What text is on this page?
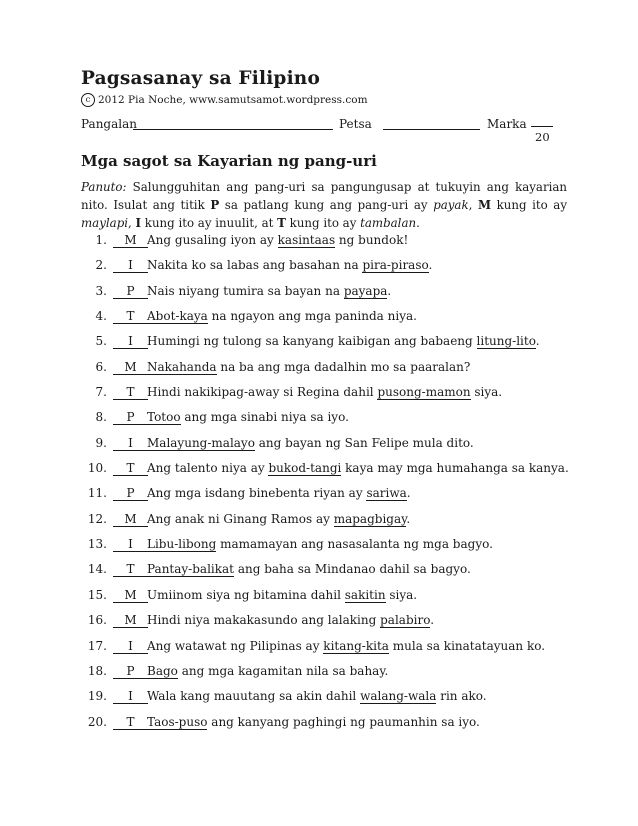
Pagsasanay sa Filipino
c 2012 Pia Noche, www.samutsamot.wordpress.com
Pangalan	Petsa	Marka
20
Mga sagot sa Kayarian ng pang-uri
Panuto: Salungguhitan ang pang-uri sa pangungusap at tukuyin ang kayarian nito. Isulat ang titik P sa patlang kung ang pang-uri ay payak, M kung ito ay maylapi, I kung ito ay inuulit, at T kung ito ay tambalan.
1.	M Ang gusaling iyon ay kasintaas ng bundok!
2.	I	Nakita ko sa labas ang basahan na pira-piraso.
3.	P	Nais niyang tumira sa bayan na payapa.
4.	T	Abot-kaya na ngayon ang mga paninda niya.
5.	I	Humingi ng tulong sa kanyang kaibigan ang babaeng litung-lito.
6.	M Nakahanda na ba ang mga dadalhin mo sa paaralan?
7.	T	Hindi nakikipag-away si Regina dahil pusong-mamon siya.
8.	P	Totoo ang mga sinabi niya sa iyo.
9.	I	Malayung-malayo ang bayan ng San Felipe mula dito.
10.	T	Ang talento niya ay bukod-tangi kaya may mga humahanga sa kanya.
11.	P	Ang mga isdang binebenta riyan ay sariwa.
12.	M Ang anak ni Ginang Ramos ay mapagbigay.
13.	I	Libu-libong mamamayan ang nasasalanta ng mga bagyo.
14.	T	Pantay-balikat ang baha sa Mindanao dahil sa bagyo.
15.	M Umiinom siya ng bitamina dahil sakitin siya.
16.	M Hindi niya makakasundo ang lalaking palabiro.
17.	I	Ang watawat ng Pilipinas ay kitang-kita mula sa kinatatayuan ko.
18.	P	Bago ang mga kagamitan nila sa bahay.
19.	I	Wala kang mauutang sa akin dahil walang-wala rin ako.
20.	T	Taos-puso ang kanyang paghingi ng paumanhin sa iyo.
